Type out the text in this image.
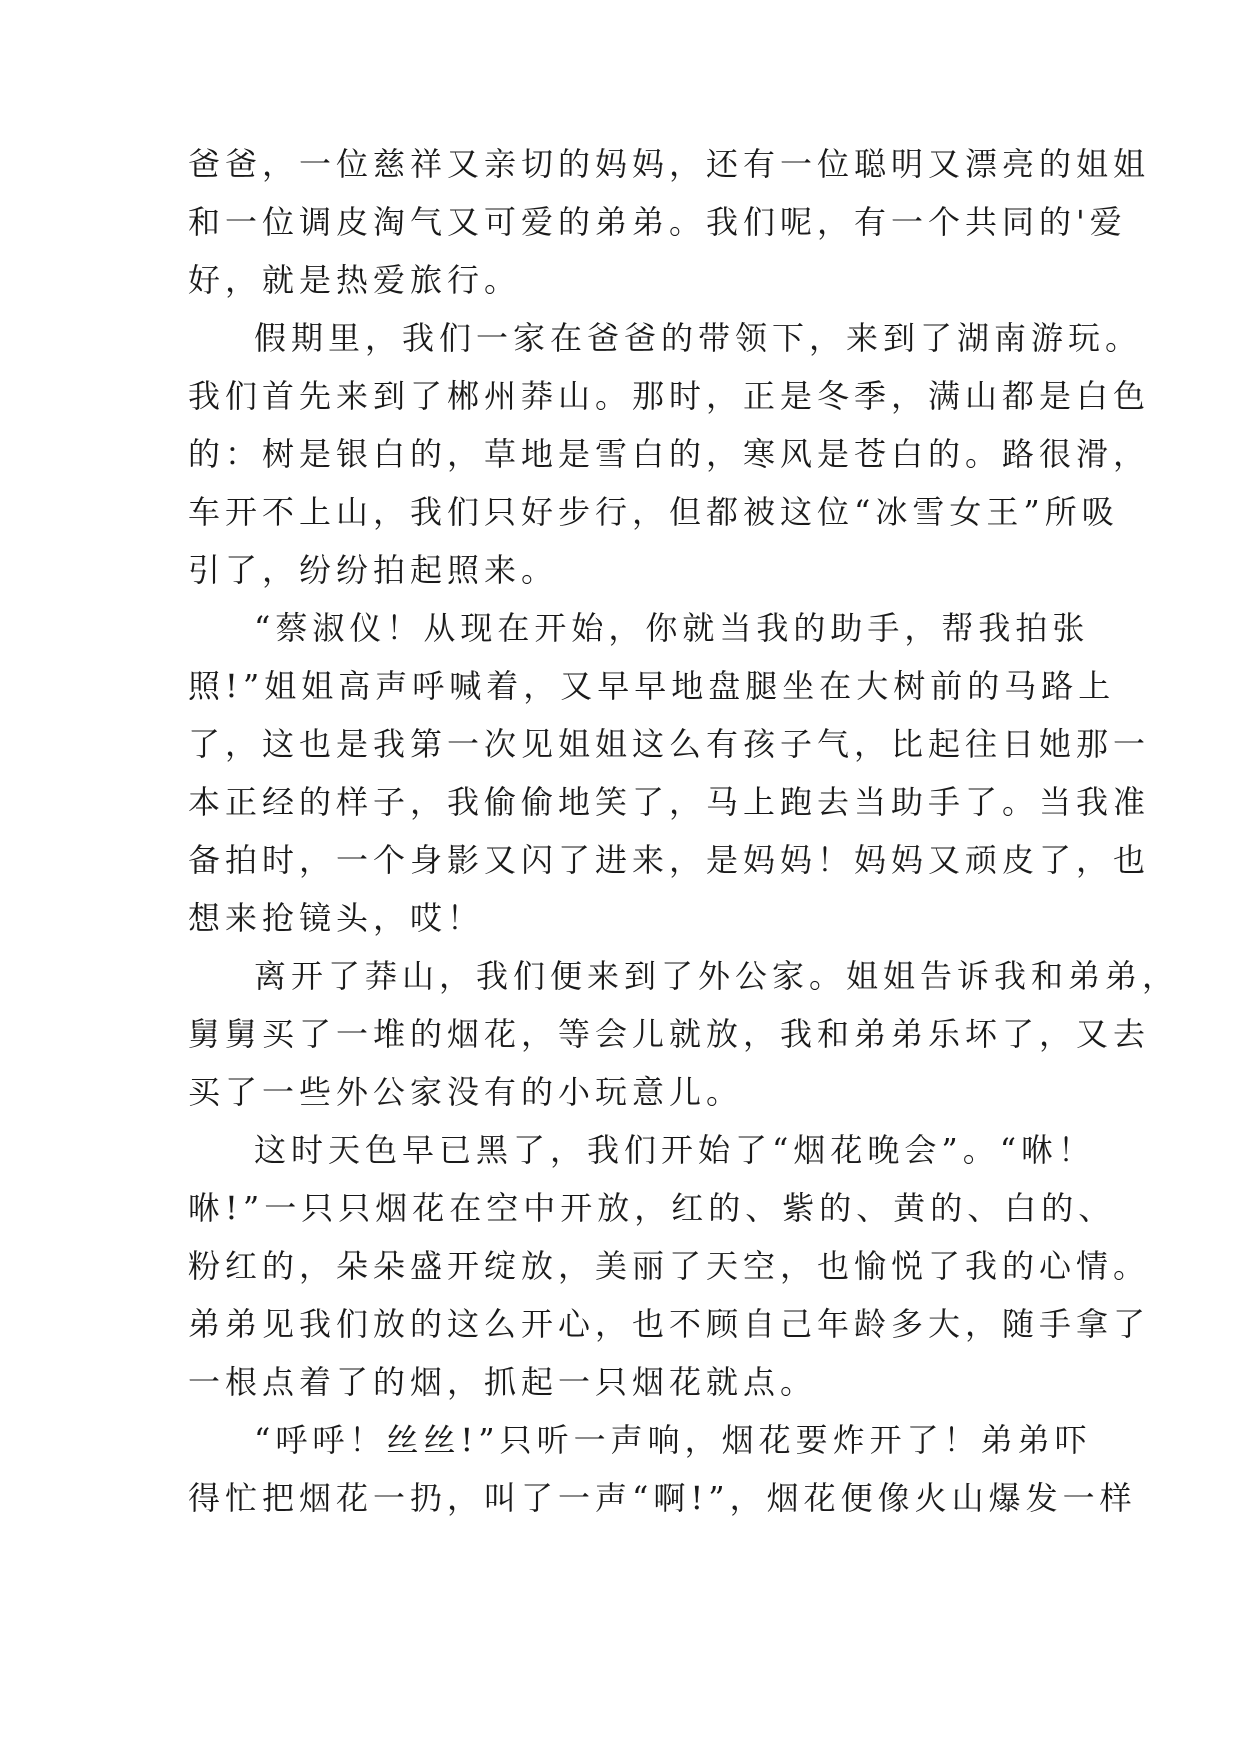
爸爸，一位慈祥又亲切的妈妈，还有一位聪明又漂亮的姐姐
和一位调皮淘气又可爱的弟弟。我们呢，有一个共同的'爱
好，就是热爱旅行。
假期里，我们一家在爸爸的带领下，来到了湖南游玩。
我们首先来到了郴州莽山。那时，正是冬季，满山都是白色
的：树是银白的，草地是雪白的，寒风是苍白的。路很滑，
车开不上山，我们只好步行，但都被这位“冰雪女王”所吸
引了，纷纷拍起照来。
“蔡淑仪！从现在开始，你就当我的助手，帮我拍张
照!”姐姐高声呼喊着，又早早地盘腿坐在大树前的马路上
了，这也是我第一次见姐姐这么有孩子气，比起往日她那一
本正经的样子，我偷偷地笑了，马上跑去当助手了。当我准
备拍时，一个身影又闪了进来，是妈妈！妈妈又顽皮了，也
想来抢镜头，哎！
离开了莽山，我们便来到了外公家。姐姐告诉我和弟弟，
舅舅买了一堆的烟花，等会儿就放，我和弟弟乐坏了，又去
买了一些外公家没有的小玩意儿。
这时天色早已黑了，我们开始了“烟花晚会”。“咻！
咻!”一只只烟花在空中开放，红的、紫的、黄的、白的、
粉红的，朵朵盛开绽放，美丽了天空，也愉悦了我的心情。
弟弟见我们放的这么开心，也不顾自己年龄多大，随手拿了
一根点着了的烟，抓起一只烟花就点。
“呼呼！丝丝!”只听一声响，烟花要炸开了！弟弟吓
得忙把烟花一扔，叫了一声“啊!”，烟花便像火山爆发一样
